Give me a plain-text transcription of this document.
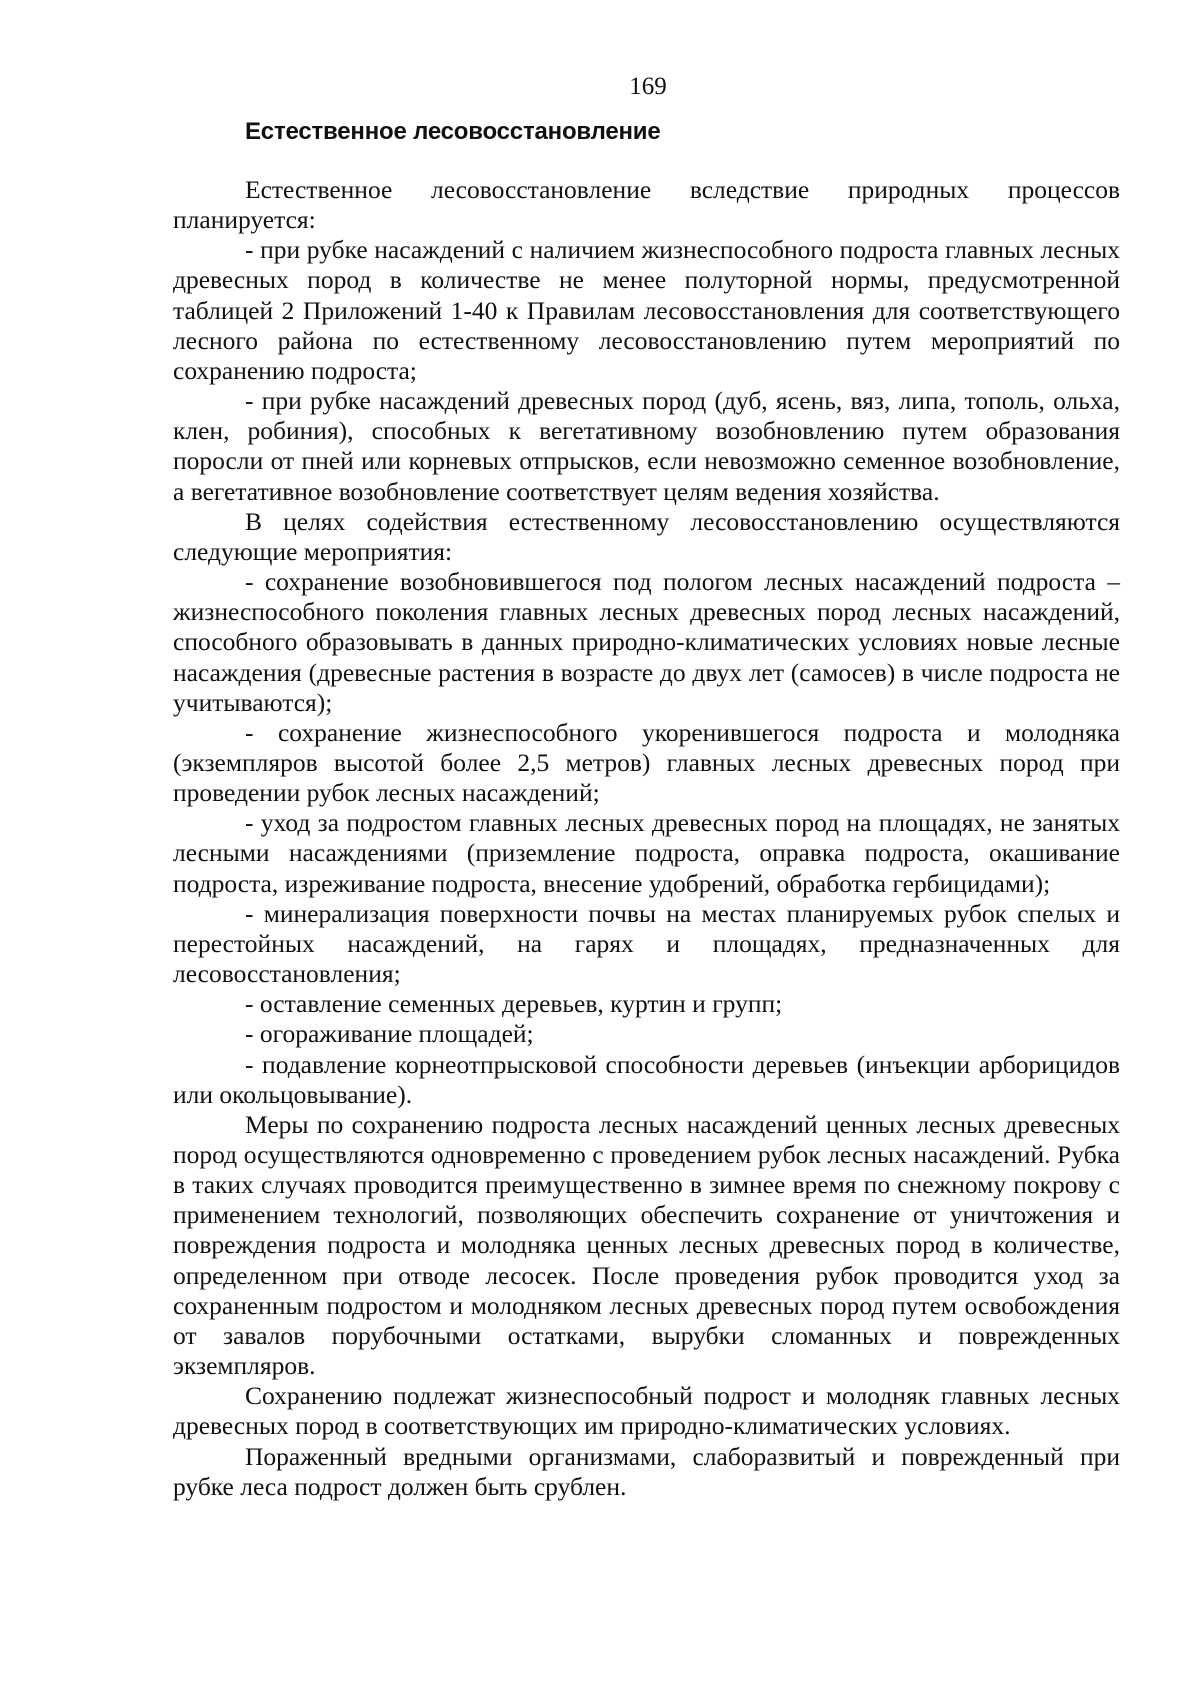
169
Естественное лесовосстановление

Естественное лесовосстановление вследствие природных процессов планируется:

- при рубке насаждений с наличием жизнеспособного подроста главных лесных древесных пород в количестве не менее полуторной нормы, предусмотренной таблицей 2 Приложений 1-40 к Правилам лесовосстановления для соответствующего лесного района по естественному лесовосстановлению путем мероприятий по сохранению подроста;

- при рубке насаждений древесных пород (дуб, ясень, вяз, липа, тополь, ольха, клен, робиния), способных к вегетативному возобновлению путем образования поросли от пней или корневых отпрысков, если невозможно семенное возобновление, а вегетативное возобновление соответствует целям ведения хозяйства.

В целях содействия естественному лесовосстановлению осуществляются следующие мероприятия:

- сохранение возобновившегося под пологом лесных насаждений подроста – жизнеспособного поколения главных лесных древесных пород лесных насаждений, способного образовывать в данных природно-климатических условиях новые лесные насаждения (древесные растения в возрасте до двух лет (самосев) в числе подроста не учитываются);

- сохранение жизнеспособного укоренившегося подроста и молодняка (экземпляров высотой более 2,5 метров) главных лесных древесных пород при проведении рубок лесных насаждений;

- уход за подростом главных лесных древесных пород на площадях, не занятых лесными насаждениями (приземление подроста, оправка подроста, окашивание подроста, изреживание подроста, внесение удобрений, обработка гербицидами);

- минерализация поверхности почвы на местах планируемых рубок спелых и перестойных насаждений, на гарях и площадях, предназначенных для лесовосстановления;

- оставление семенных деревьев, куртин и групп;

- огораживание площадей;

- подавление корнеотпрысковой способности деревьев (инъекции арборицидов или окольцовывание).

Меры по сохранению подроста лесных насаждений ценных лесных древесных пород осуществляются одновременно с проведением рубок лесных насаждений. Рубка в таких случаях проводится преимущественно в зимнее время по снежному покрову с применением технологий, позволяющих обеспечить сохранение от уничтожения и повреждения подроста и молодняка ценных лесных древесных пород в количестве, определенном при отводе лесосек. После проведения рубок проводится уход за сохраненным подростом и молодняком лесных древесных пород путем освобождения от завалов порубочными остатками, вырубки сломанных и поврежденных экземпляров.

Сохранению подлежат жизнеспособный подрост и молодняк главных лесных древесных пород в соответствующих им природно-климатических условиях.

Пораженный вредными организмами, слаборазвитый и поврежденный при рубке леса подрост должен быть срублен.
